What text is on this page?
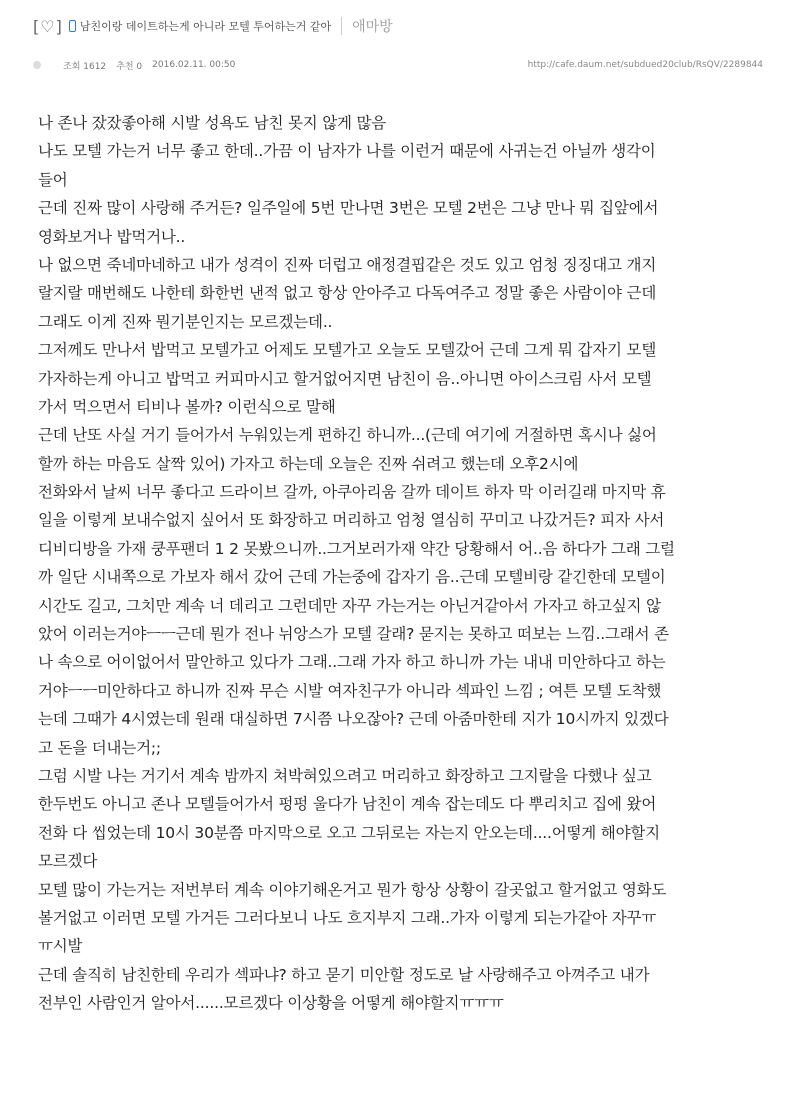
[♡] 남친이랑 데이트하는게 아니라 모텔 투어하는거 같아 애마방
조회 1612 추천 0 2016.02.11. 00:50	http://cafe.daum.net/subdued20club/RsQV/2289844
나 존나 잤잤좋아해 시발 성욕도 남친 못지 않게 많음
나도 모텔 가는거 너무 좋고 한데..가끔 이 남자가 나를 이런거 때문에 사귀는건 아닐까 생각이
들어
근데 진짜 많이 사랑해 주거든? 일주일에 5번 만나면 3번은 모텔 2번은 그냥 만나 뭐 집앞에서
영화보거나 밥먹거나..
나 없으면 죽네마네하고 내가 성격이 진짜 더럽고 애정결핍같은 것도 있고 엄청 징징대고 개지
랄지랄 매번해도 나한테 화한번 낸적 없고 항상 안아주고 다독여주고 정말 좋은 사람이야 근데
그래도 이게 진짜 뭔기분인지는 모르겠는데..
그저께도 만나서 밥먹고 모텔가고 어제도 모텔가고 오늘도 모텔갔어 근데 그게 뭐 갑자기 모텔
가자하는게 아니고 밥먹고 커피마시고 할거없어지면 남친이 음..아니면 아이스크림 사서 모텔
가서 먹으면서 티비나 볼까? 이런식으로 말해
근데 난또 사실 거기 들어가서 누워있는게 편하긴 하니까...(근데 여기에 거절하면 혹시나 싫어
할까 하는 마음도 살짝 있어) 가자고 하는데 오늘은 진짜 쉬려고 했는데 오후2시에
전화와서 날씨 너무 좋다고 드라이브 갈까, 아쿠아리움 갈까 데이트 하자 막 이러길래 마지막 휴
일을 이렇게 보내수없지 싶어서 또 화장하고 머리하고 엄청 열심히 꾸미고 나갔거든? 피자 사서
디비디방을 가재 쿵푸팬더 1 2 못봤으니까..그거보러가재 약간 당황해서 어..음 하다가 그래 그럴
까 일단 시내쪽으로 가보자 해서 갔어 근데 가는중에 갑자기 음..근데 모텔비랑 같긴한데 모텔이
시간도 길고, 그치만 계속 너 데리고 그런데만 자꾸 가는거는 아닌거같아서 가자고 하고싶지 않
았어 이러는거야ㅡㅡ근데 뭔가 전나 뉘앙스가 모텔 갈래? 묻지는 못하고 떠보는 느낌..그래서 존
나 속으로 어이없어서 말안하고 있다가 그래..그래 가자 하고 하니까 가는 내내 미안하다고 하는
거야ㅡㅡ미안하다고 하니까 진짜 무슨 시발 여자친구가 아니라 섹파인 느낌 ; 여튼 모텔 도착했
는데 그때가 4시였는데 원래 대실하면 7시쯤 나오잖아? 근데 아줌마한테 지가 10시까지 있겠다
고 돈을 더내는거;;
그럼 시발 나는 거기서 계속 밤까지 쳐박혀있으려고 머리하고 화장하고 그지랄을 다했나 싶고
한두번도 아니고 존나 모텔들어가서 펑펑 울다가 남친이 계속 잡는데도 다 뿌리치고 집에 왔어
전화 다 씹었는데 10시 30분쯤 마지막으로 오고 그뒤로는 자는지 안오는데....어떻게 해야할지
모르겠다
모텔 많이 가는거는 저번부터 계속 이야기해온거고 뭔가 항상 상황이 갈곳없고 할거없고 영화도
볼거없고 이러면 모텔 가거든 그러다보니 나도 흐지부지 그래..가자 이렇게 되는가같아 자꾸ㅠ
ㅠ시발
근데 솔직히 남친한테 우리가 섹파냐? 하고 묻기 미안할 정도로 날 사랑해주고 아껴주고 내가
전부인 사람인거 알아서......모르겠다 이상황을 어떻게 해야할지ㅠㅠㅠ
